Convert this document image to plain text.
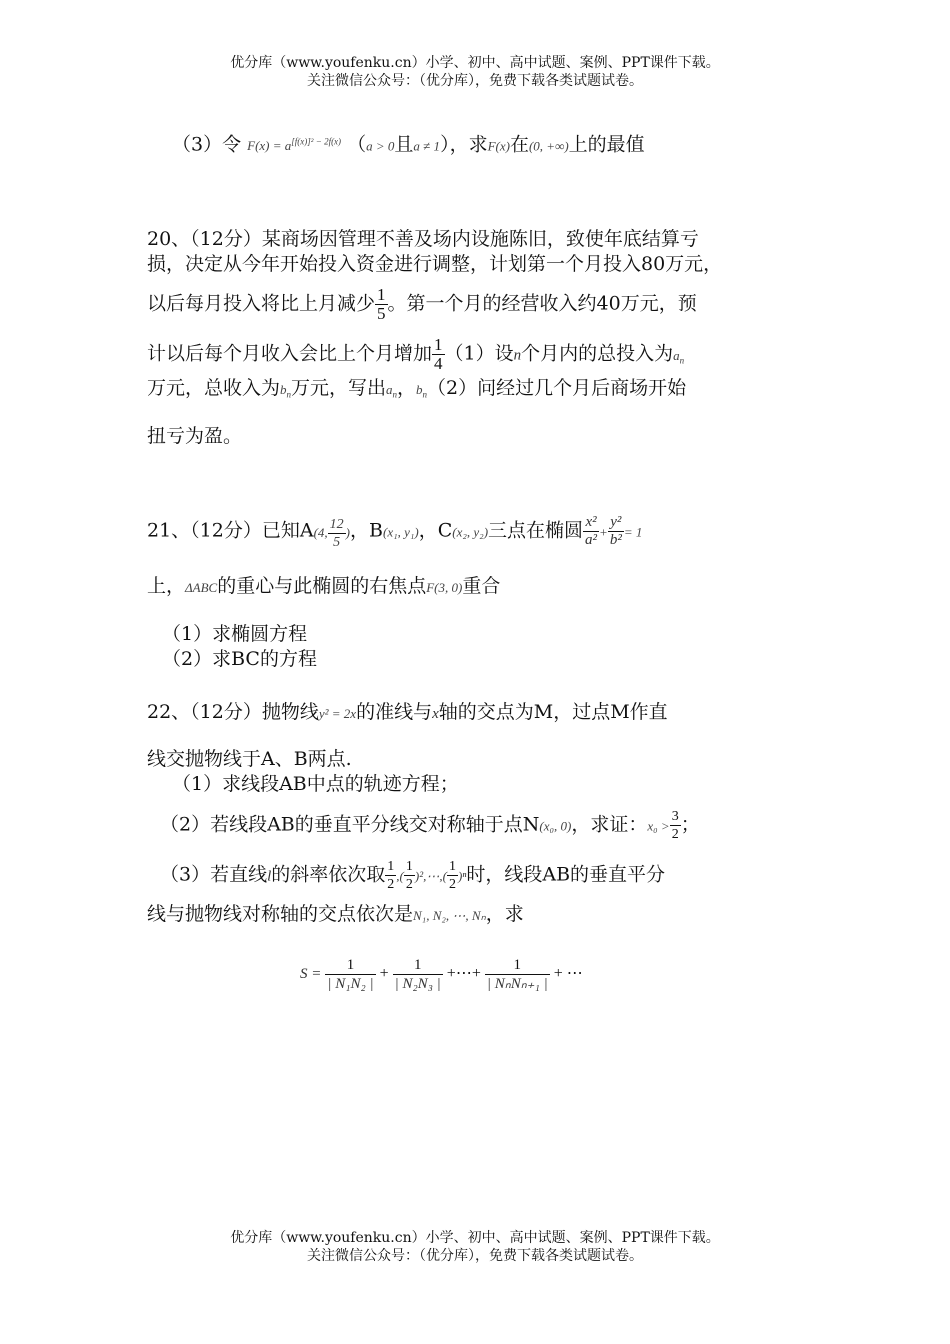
优分库（www.youfenku.cn）小学、初中、高中试题、案例、PPT课件下载。
关注微信公众号：（优分库），免费下载各类试题试卷。
（3）令 $F(x) = a^{[f(x)]^2 - 2f(x)}$ （a > 0且a ≠ 1），求F(x)在(0, +∞)上的最值
20、（12分）某商场因管理不善及场内设施陈旧，致使年底结算亏
损，决定从今年开始投入资金进行调整，计划第一个月投入80万元，
以后每月投入将比上月减少 $\frac{1}{5}$ 。第一个月的经营收入约40万元，预
计以后每个月收入会比上个月增加 $\frac{1}{4} (1)$设n个月内的总投入为$a_n$
万元，总收入为$b_n$万元，写出$a_n$，$b_n(2)$问经过几个月后商场开始
扭亏为盈。
21、（12分）已知A(4, $\frac{12}{5}$ )，B(x₁, y₁)，C(x₂, y₂)三点在椭圆 $\frac{\text{x²}}{\text{a²}} + \frac{\text{y²}}{\text{b²}} = 1$
上，ΔABC的重心与此椭圆的右焦点F(3, 0)重合
（1）求椭圆方程
（2）求BC的方程
22、（12分）抛物线y² = 2x的准线与x轴的交点为M，过点M作直
线交抛物线于A、B两点.
（1）求线段AB中点的轨迹方程；
（2）若线段AB的垂直平分线交对称轴于点N(x₀, 0)，求证：$x_0 > \frac{3}{2}$ ；
（3）若直线l的斜率依次取 $\frac{1}{2}$ ,( $\frac{1}{2}$ )²,⋯,( $\frac{1}{2} )^n$时，线段AB的垂直平分
线与抛物线对称轴的交点依次是N₁, N₂, ⋯, Nₙ，求
$S = \frac{1}{\text{| N₁N₂ |}} + \frac{1}{\text{| N₂N₃ |}}$ +⋯+ $\frac{1}{\text{| NₙNₙ₊₁ |}}$ + ⋯
优分库（www.youfenku.cn）小学、初中、高中试题、案例、PPT课件下载。
关注微信公众号：（优分库），免费下载各类试题试卷。
